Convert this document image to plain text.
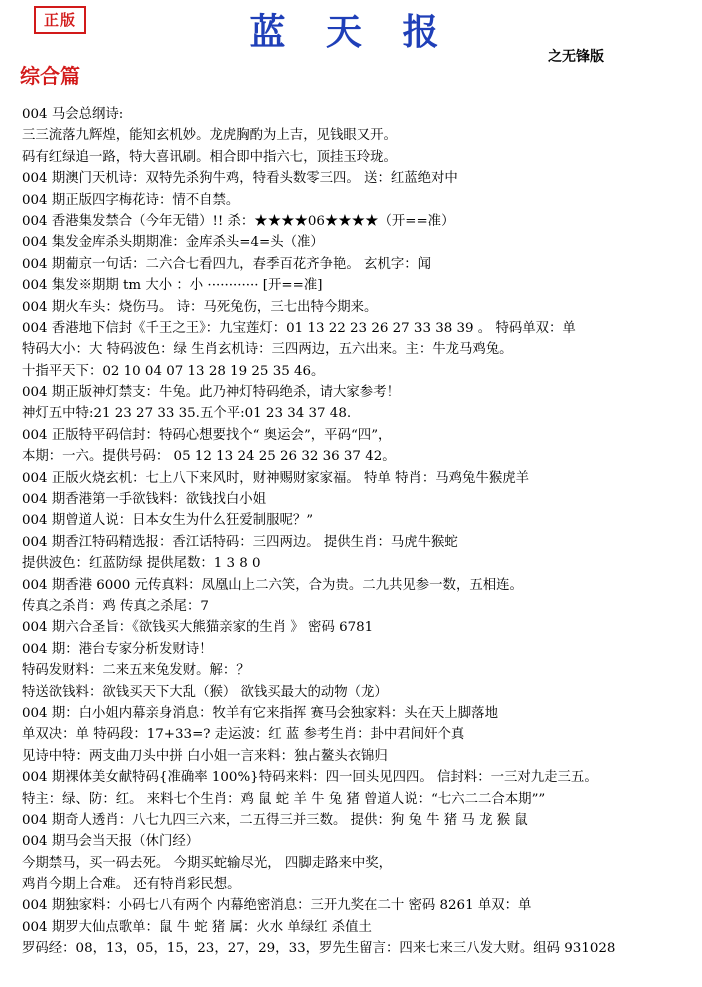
正版	蓝 天 报
之无锋版
综合篇
004 马会总纲诗:
三三流落九辉煌，能知玄机妙。龙虎胸酌为上吉，见钱眼又开。
码有红绿追一路，特大喜讯刷。相合即中指六七，顶挂玉玲珑。
004 期澳门天机诗：双特先杀狗牛鸡，特看头数零三四。 送：红蓝绝对中
004 期正版四字梅花诗：情不自禁。
004 香港集发禁合（今年无错）!! 杀：★★★★06★★★★（开==准）
004 集发金库杀头期期准：金库杀头=4=头（准）
004 期葡京一句话：二六合七看四九，春季百花齐争艳。 玄机字：闻
004 集发※期期 tm 大小 ：小 ············ [开==准]
004 期火车头：烧伤马。 诗：马死兔伤，三七出特今期来。
004 香港地下信封《千王之王》：九宝莲灯：01 13 22 23 26 27 33 38 39 。 特码单双：单
特码大小：大 特码波色：绿 生肖玄机诗：三四两边，五六出来。主：牛龙马鸡兔。
十指平天下：02 10 04 07 13 28 19 25 35 46。
004 期正版神灯禁支：牛兔。此乃神灯特码绝杀，请大家参考！
神灯五中特:21 23 27 33 35.五个平:01 23 34 37 48.
004 正版特平码信封：特码心想要找个“ 奥运会”，平码“四”，
本期：一六。提供号码： 05 12 13 24 25 26 32 36 37 42。
004 正版火烧玄机：七上八下来风时，财神赐财家家福。 特单 特肖：马鸡兔牛猴虎羊
004 期香港第一手欲钱料：欲钱找白小姐
004 期曾道人说：日本女生为什么狂爱制服呢？”
004 期香江特码精选报：香江话特码：三四两边。 提供生肖：马虎牛猴蛇
提供波色：红蓝防绿 提供尾数：1 3 8 0
004 期香港 6000 元传真料：凤凰山上二六笑，合为贵。二九共见参一数，五相连。
传真之杀肖：鸡 传真之杀尾：7
004 期六合圣旨：《欲钱买大熊猫亲家的生肖 》 密码 6781
004 期：港台专家分析发财诗！
特码发财料：二来五来兔发财。解：？
特送欲钱料：欲钱买天下大乱（猴） 欲钱买最大的动物（龙）
004 期：白小姐内幕亲身消息：牧羊有它来指挥 赛马会独家料：头在天上脚落地
单双决：单 特码段：17+33=? 走运波：红 蓝 参考生肖：卦中君间奸个真
见诗中特：两支曲刀头中拼 白小姐一言来料：独占鳌头衣锦归
004 期裸体美女献特码{准确率 100%}特码来料：四一回头见四四。 信封料：一三对九走三五。
特主：绿、防：红。 来料七个生肖：鸡 鼠 蛇 羊 牛 兔 猪 曾道人说：“七六二二合本期””
004 期奇人透肖：八七九四三六来，二五得三并三数。 提供：狗 兔 牛 猪 马 龙 猴 鼠
004 期马会当天报（休门经）
今期禁马，买一码去死。 今期买蛇输尽光， 四脚走路来中奖，
鸡肖今期上合难。 还有特肖彩民想。
004 期独家料：小码七八有两个 内幕绝密消息：三开九奖在二十 密码 8261 单双：单
004 期罗大仙点歌单：鼠 牛 蛇 猪 属：火水 单绿红 杀值土
罗码经：08，13，05，15，23，27，29，33，罗先生留言：四来七来三八发大财。组码 931028
